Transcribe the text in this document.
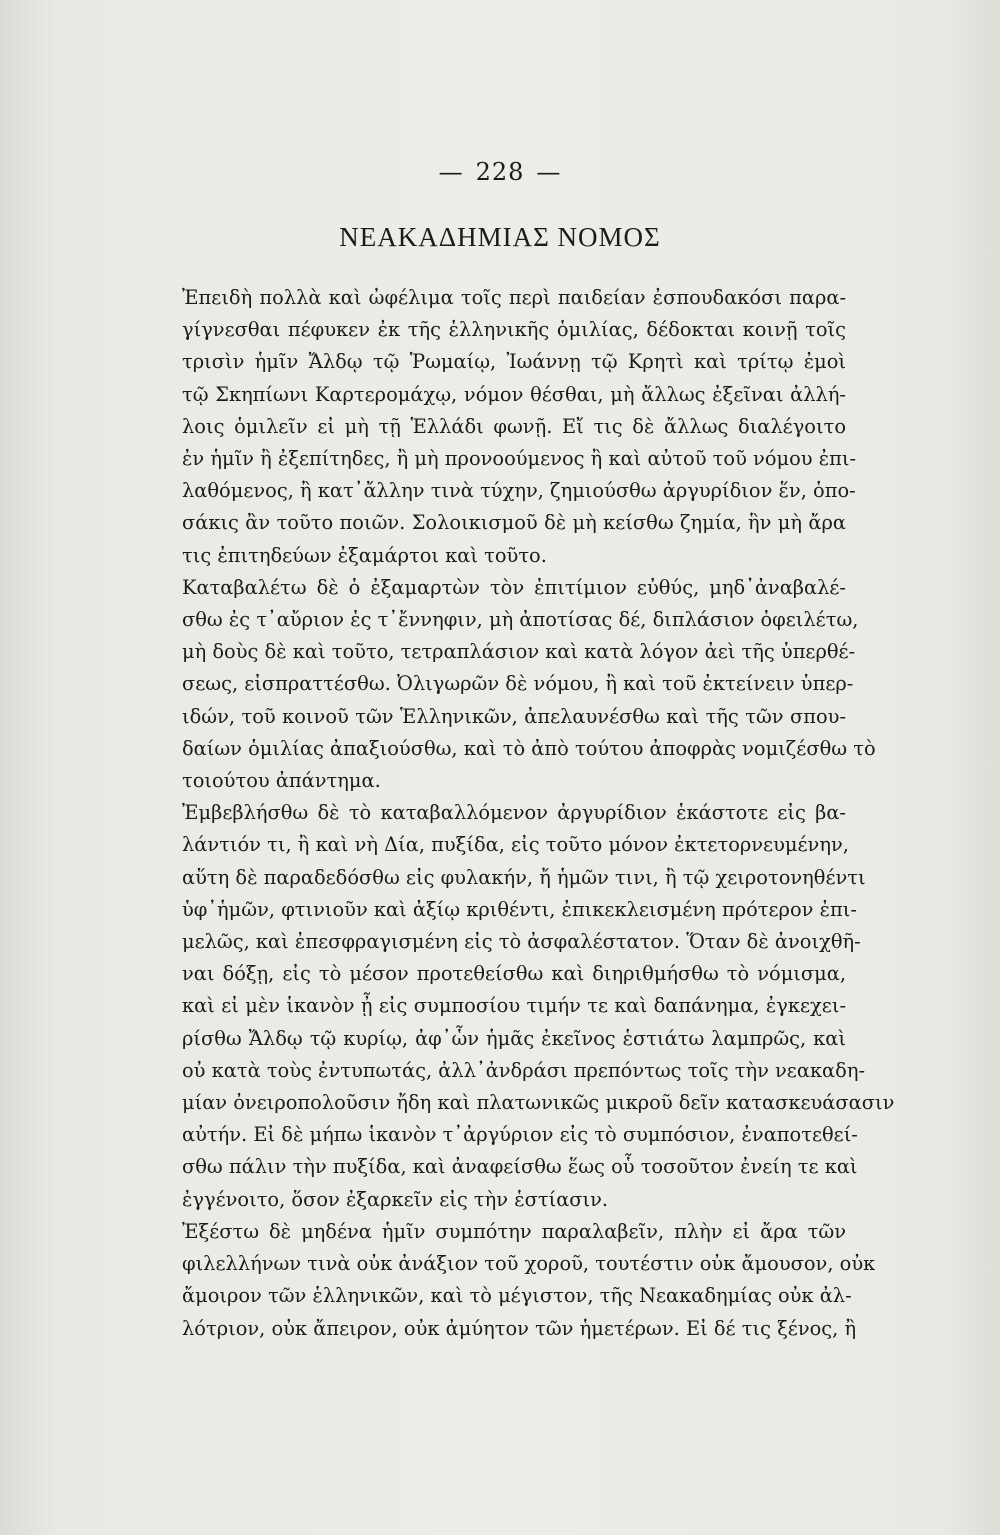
— 228 —
ΝΕΑΚΑΔΗΜΙΑΣ ΝΟΜΟΣ
Ἐπειδὴ πολλὰ καὶ ὠφέλιμα τοῖς περὶ παιδείαν ἐσπουδακόσι παρα-
γίγνεσθαι πέφυκεν ἐκ τῆς ἑλληνικῆς ὁμιλίας, δέδοκται κοινῇ τοῖς
τρισὶν ἡμῖν Ἄλδῳ τῷ Ῥωμαίῳ, Ἰωάννῃ τῷ Κρητὶ καὶ τρίτῳ ἐμοὶ
τῷ Σκηπίωνι Καρτερομάχῳ, νόμον θέσθαι, μὴ ἄλλως ἐξεῖναι ἀλλή-
λοις ὁμιλεῖν εἰ μὴ τῇ Ἑλλάδι φωνῇ. Εἴ τις δὲ ἄλλως διαλέγοιτο
ἐν ἡμῖν ἢ ἐξεπίτηδες, ἢ μὴ προνοούμενος ἢ καὶ αὐτοῦ τοῦ νόμου ἐπι-
λαθόμενος, ἢ κατ᾽ἄλλην τινὰ τύχην, ζημιούσθω ἀργυρίδιον ἕν, ὁπο-
σάκις ἂν τοῦτο ποιῶν. Σολοικισμοῦ δὲ μὴ κείσθω ζημία, ἣν μὴ ἄρα
τις ἐπιτηδεύων ἐξαμάρτοι καὶ τοῦτο.
Καταβαλέτω δὲ ὁ ἐξαμαρτὼν τὸν ἐπιτίμιον εὐθύς, μηδ᾽ἀναβαλέ-
σθω ἐς τ᾽αὔριον ἐς τ᾽ἔννηφιν, μὴ ἀποτίσας δέ, διπλάσιον ὀφειλέτω,
μὴ δοὺς δὲ καὶ τοῦτο, τετραπλάσιον καὶ κατὰ λόγον ἀεὶ τῆς ὑπερθέ-
σεως, εἰσπραττέσθω. Ὀλιγωρῶν δὲ νόμου, ἢ καὶ τοῦ ἐκτείνειν ὑπερ-
ιδών, τοῦ κοινοῦ τῶν Ἑλληνικῶν, ἀπελαυνέσθω καὶ τῆς τῶν σπου-
δαίων ὁμιλίας ἀπαξιούσθω, καὶ τὸ ἀπὸ τούτου ἀποφρὰς νομιζέσθω τὸ
τοιούτου ἀπάντημα.
Ἐμβεβλήσθω δὲ τὸ καταβαλλόμενον ἀργυρίδιον ἑκάστοτε εἰς βα-
λάντιόν τι, ἢ καὶ νὴ Δία, πυξίδα, εἰς τοῦτο μόνον ἐκτετορνευμένην,
αὕτη δὲ παραδεδόσθω εἰς φυλακήν, ἤ ἡμῶν τινι, ἢ τῷ χειροτονηθέντι
ὑφ᾽ἡμῶν, φτινιοῦν καὶ ἀξίῳ κριθέντι, ἐπικεκλεισμένη πρότερον ἐπι-
μελῶς, καὶ ἐπεσφραγισμένη εἰς τὸ ἀσφαλέστατον. Ὅταν δὲ ἀνοιχθῆ-
ναι δόξῃ, εἰς τὸ μέσον προτεθείσθω καὶ διηριθμήσθω τὸ νόμισμα,
καὶ εἰ μὲν ἱκανὸν ᾖ εἰς συμποσίου τιμήν τε καὶ δαπάνημα, ἐγκεχει-
ρίσθω Ἄλδῳ τῷ κυρίῳ, ἀφ᾽ὧν ἡμᾶς ἐκεῖνος ἑστιάτω λαμπρῶς, καὶ
οὐ κατὰ τοὺς ἐντυπωτάς, ἀλλ᾽ἀνδράσι πρεπόντως τοῖς τὴν νεακαδη-
μίαν ὀνειροπολοῦσιν ἤδη καὶ πλατωνικῶς μικροῦ δεῖν κατασκευάσασιν
αὐτήν. Εἰ δὲ μήπω ἱκανὸν τ᾽ἀργύριον εἰς τὸ συμπόσιον, ἐναποτεθεί-
σθω πάλιν τὴν πυξίδα, καὶ ἀναφείσθω ἕως οὗ τοσοῦτον ἐνείη τε καὶ
ἐγγένοιτο, ὅσον ἐξαρκεῖν εἰς τὴν ἑστίασιν.
Ἐξέστω δὲ μηδένα ἡμῖν συμπότην παραλαβεῖν, πλὴν εἰ ἄρα τῶν
φιλελλήνων τινὰ οὐκ ἀνάξιον τοῦ χοροῦ, τουτέστιν οὐκ ἄμουσον, οὐκ
ἄμοιρον τῶν ἑλληνικῶν, καὶ τὸ μέγιστον, τῆς Νεακαδημίας οὐκ ἀλ-
λότριον, οὐκ ἄπειρον, οὐκ ἀμύητον τῶν ἡμετέρων. Εἰ δέ τις ξένος, ἢ
